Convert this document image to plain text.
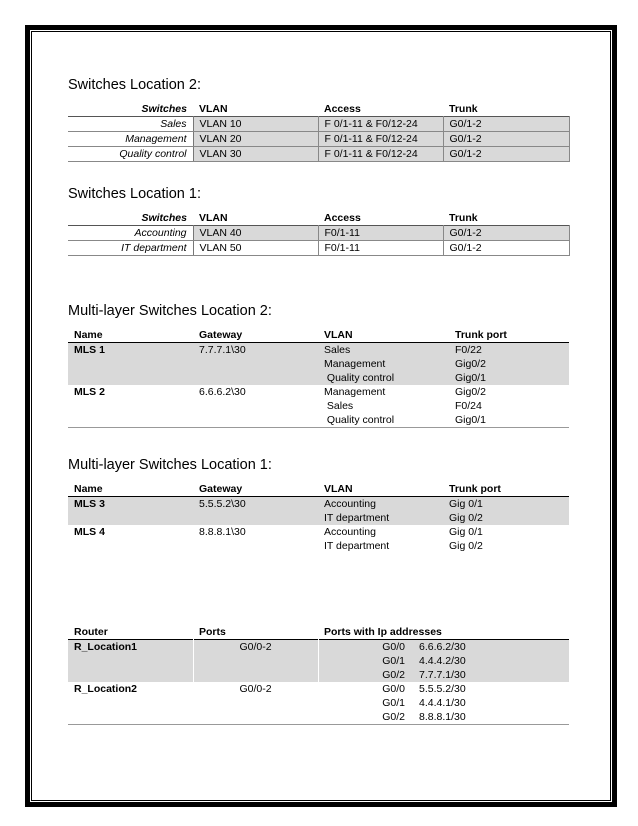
Switches Location 2:

Switches	VLAN	Access	Trunk
Sales	VLAN 10	F 0/1-11 & F0/12-24	G0/1-2
Management	VLAN 20	F 0/1-11 & F0/12-24	G0/1-2
Quality control	VLAN 30	F 0/1-11 & F0/12-24	G0/1-2

Switches Location 1:

Switches	VLAN	Access	Trunk
Accounting	VLAN 40	F0/1-11	G0/1-2
IT department	VLAN 50	F0/1-11	G0/1-2

Multi-layer Switches Location 2:

Name	Gateway	VLAN	Trunk port
MLS 1	7.7.7.1\30	Sales	F0/22
		Management	Gig0/2
		Quality control	Gig0/1
MLS 2	6.6.6.2\30	Management	Gig0/2
		Sales	F0/24
		Quality control	Gig0/1

Multi-layer Switches Location 1:

Name	Gateway	VLAN	Trunk port
MLS 3	5.5.5.2\30	Accounting	Gig 0/1
		IT department	Gig 0/2
MLS 4	8.8.8.1\30	Accounting	Gig 0/1
		IT department	Gig 0/2
Router	Ports	Ports with Ip addresses	
R_Location1	G0/0-2	G0/0	6.6.6.2/30
		G0/1	4.4.4.2/30
		G0/2	7.7.7.1/30
R_Location2	G0/0-2	G0/0	5.5.5.2/30
		G0/1	4.4.4.1/30
		G0/2	8.8.8.1/30
